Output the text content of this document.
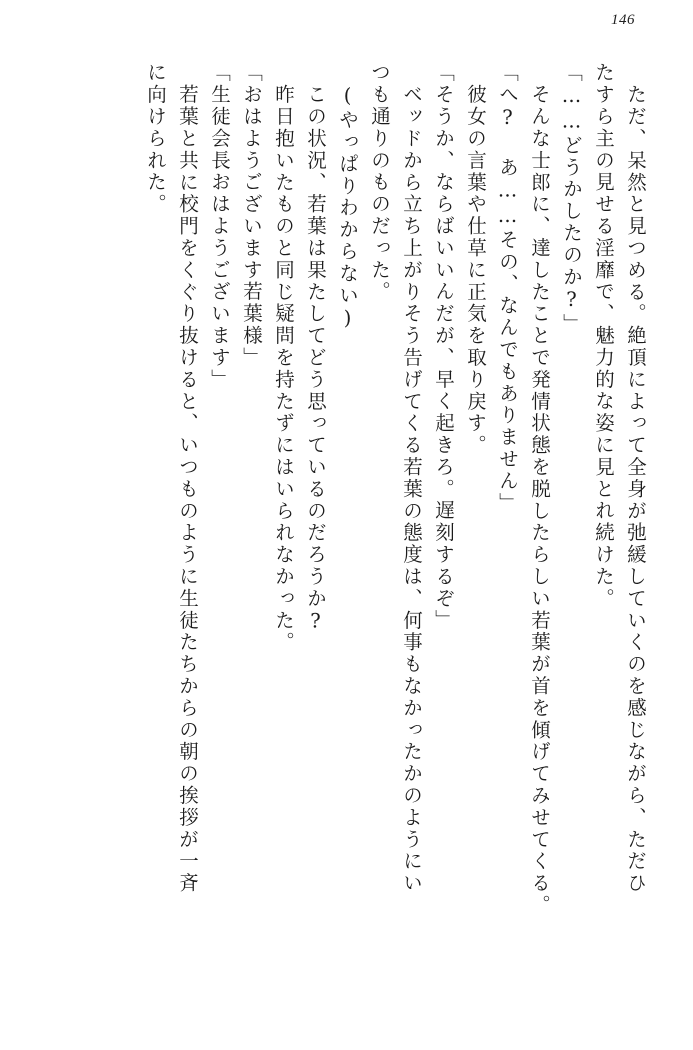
146
ただ、呆然と見つめる。絶頂によって全身が弛緩していくのを感じながら、ただひ
たすら主の見せる淫靡で、魅力的な姿に見とれ続けた。
「……どうかしたのか?」
そんな士郎に、達したことで発情状態を脱したらしい若葉が首を傾げてみせてくる。
「へ? あ……その、なんでもありません」
彼女の言葉や仕草に正気を取り戻す。
「そうか、ならばいいんだが、早く起きろ。遅刻するぞ」
ベッドから立ち上がりそう告げてくる若葉の態度は、何事もなかったかのようにい
つも通りのものだった。
(やっぱりわからない)
この状況、若葉は果たしてどう思っているのだろうか?
昨日抱いたものと同じ疑問を持たずにはいられなかった。
「おはようございます若葉様」
「生徒会長おはようございます」
若葉と共に校門をくぐり抜けると、いつものように生徒たちからの朝の挨拶が一斉
に向けられた。
